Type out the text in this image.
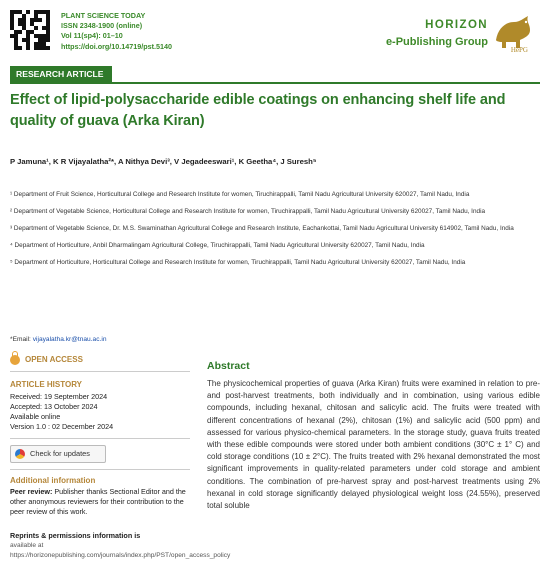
PLANT SCIENCE TODAY
ISSN 2348-1900 (online)
Vol 11(sp4): 01–10
https://doi.org/10.14719/pst.5140
HORIZON
e-Publishing Group
HePG
RESEARCH ARTICLE
Effect of lipid-polysaccharide edible coatings on enhancing shelf life and quality of guava (Arka Kiran)
P Jamuna¹, K R Vijayalatha²*, A Nithya Devi³, V Jegadeeswari¹, K Geetha⁴, J Suresh⁵
¹ Department of Fruit Science, Horticultural College and Research Institute for women, Tiruchirappalli, Tamil Nadu Agricultural University 620027, Tamil Nadu, India
² Department of Vegetable Science, Horticultural College and Research Institute for women, Tiruchirappalli, Tamil Nadu Agricultural University 620027, Tamil Nadu, India
³ Department of Vegetable Science, Dr. M.S. Swaminathan Agricultural College and Research Institute, Eachankottai, Tamil Nadu Agricultural University 614902, Tamil Nadu, India
⁴ Department of Horticulture, Anbil Dharmalingam Agricultural College, Tiruchirappalli, Tamil Nadu Agricultural University 620027, Tamil Nadu, India
⁵ Department of Horticulture, Horticultural College and Research Institute for women, Tiruchirappalli, Tamil Nadu Agricultural University 620027, Tamil Nadu, India
*Email: vijayalatha.kr@tnau.ac.in
OPEN ACCESS
ARTICLE HISTORY
Received: 19 September 2024
Accepted: 13 October 2024
Available online
Version 1.0 : 02 December 2024
Check for updates
Additional information
Peer review: Publisher thanks Sectional Editor and the other anonymous reviewers for their contribution to the peer review of this work.
Reprints & permissions information is
available at https://horizonepublishing.com/journals/index.php/PST/open_access_policy
Abstract

The physicochemical properties of guava (Arka Kiran) fruits were examined in relation to pre- and post-harvest treatments, both individually and in combination, using various edible compounds, including hexanal, chitosan and salicylic acid. The fruits were treated with different concentrations of hexanal (2%), chitosan (1%) and salicylic acid (500 ppm) and assessed for various physico-chemical parameters. In the storage study, guava fruits treated with these edible compounds were stored under both ambient conditions (30°C ± 1° C) and cold storage conditions (10 ± 2°C). The fruits treated with 2% hexanal demonstrated the most significant improvements in quality-related parameters under cold storage and ambient conditions. The combination of pre-harvest spray and post-harvest treatments using 2% hexanal in cold storage significantly delayed physiological weight loss (24.55%), preserved total soluble
